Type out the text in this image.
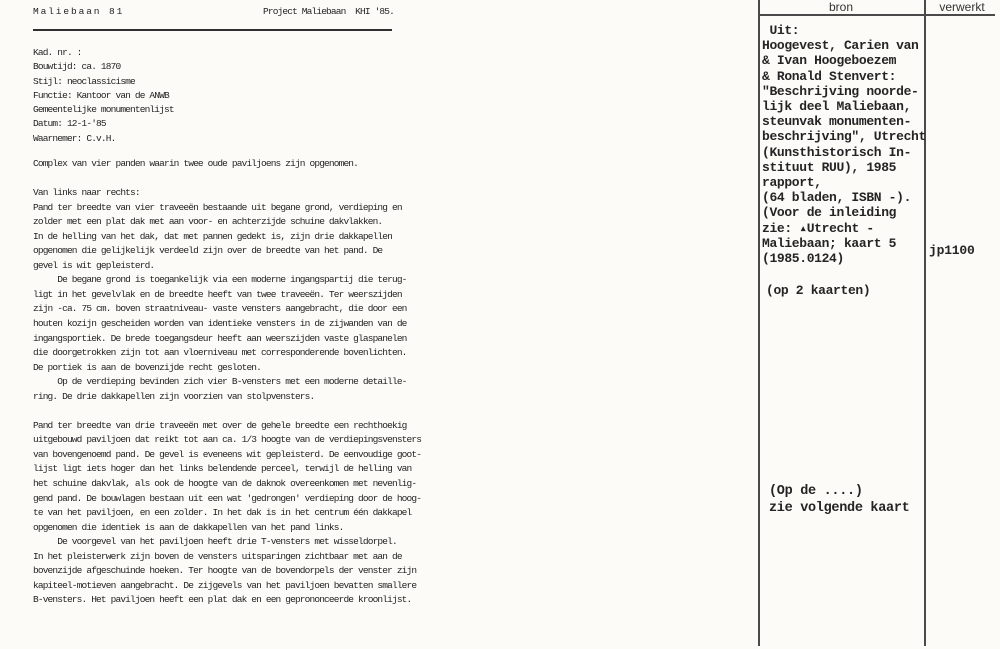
Maliebaan 81	Project Maliebaan  KHI '85.
Kad. nr. :
Bouwtijd: ca. 1870
Stijl: neoclassicisme
Functie: Kantoor van de ANWB
Gemeentelijke monumentenlijst
Datum: 12-1-'85
Waarnemer: C.v.H.
Complex van vier panden waarin twee oude paviljoens zijn opgenomen.

Van links naar rechts:
Pand ter breedte van vier traveeën bestaande uit begane grond, verdieping en
zolder met een plat dak met aan voor- en achterzijde schuine dakvlakken.
In de helling van het dak, dat met pannen gedekt is, zijn drie dakkapellen
opgenomen die gelijkelijk verdeeld zijn over de breedte van het pand. De
gevel is wit gepleisterd.
De begane grond is toegankelijk via een moderne ingangspartij die terug-
ligt in het gevelvlak en de breedte heeft van twee traveeën. Ter weerszijden
zijn -ca. 75 cm. boven straatniveau- vaste vensters aangebracht, die door een
houten kozijn gescheiden worden van identieke vensters in de zijwanden van de
ingangsportiek. De brede toegangsdeur heeft aan weerszijden vaste glaspanelen
die doorgetrokken zijn tot aan vloerniveau met corresponderende bovenlichten.
De portiek is aan de bovenzijde recht gesloten.
Op de verdieping bevinden zich vier B-vensters met een moderne detaille-
ring. De drie dakkapellen zijn voorzien van stolpvensters.

Pand ter breedte van drie traveeën met over de gehele breedte een rechthoekig
uitgebouwd paviljoen dat reikt tot aan ca. 1/3 hoogte van de verdiepingsvensters
van bovengenoemd pand. De gevel is eveneens wit gepleisterd. De eenvoudige goot-
lijst ligt iets hoger dan het links belendende perceel, terwijl de helling van
het schuine dakvlak, als ook de hoogte van de daknok overeenkomen met nevenlig-
gend pand. De bouwlagen bestaan uit een wat 'gedrongen' verdieping door de hoog-
te van het paviljoen, en een zolder. In het dak is in het centrum één dakkapel
opgenomen die identiek is aan de dakkapellen van het pand links.
De voorgevel van het paviljoen heeft drie T-vensters met wisseldorpel.
In het pleisterwerk zijn boven de vensters uitsparingen zichtbaar met aan de
bovenzijde afgeschuinde hoeken. Ter hoogte van de bovendorpels der venster zijn
kapiteel-motieven aangebracht. De zijgevels van het paviljoen bevatten smallere
B-vensters. Het paviljoen heeft een plat dak en een geprononceerde kroonlijst.
bron	verwerkt
Uit:
Hoogevest, Carien van
& Ivan Hoogeboezem
& Ronald Stenvert:
"Beschrijving noorde-
lijk deel Maliebaan,
steunvak monumenten-
beschrijving", Utrecht
(Kunsthistorisch In-
stituut RUU), 1985
rapport,
(64 bladen, ISBN -).
(Voor de inleiding
zie: ▴Utrecht -
Maliebaan; kaart 5
(1985.0124)
(op 2 kaarten)
(Op de ....)
zie volgende kaart
jp1100
